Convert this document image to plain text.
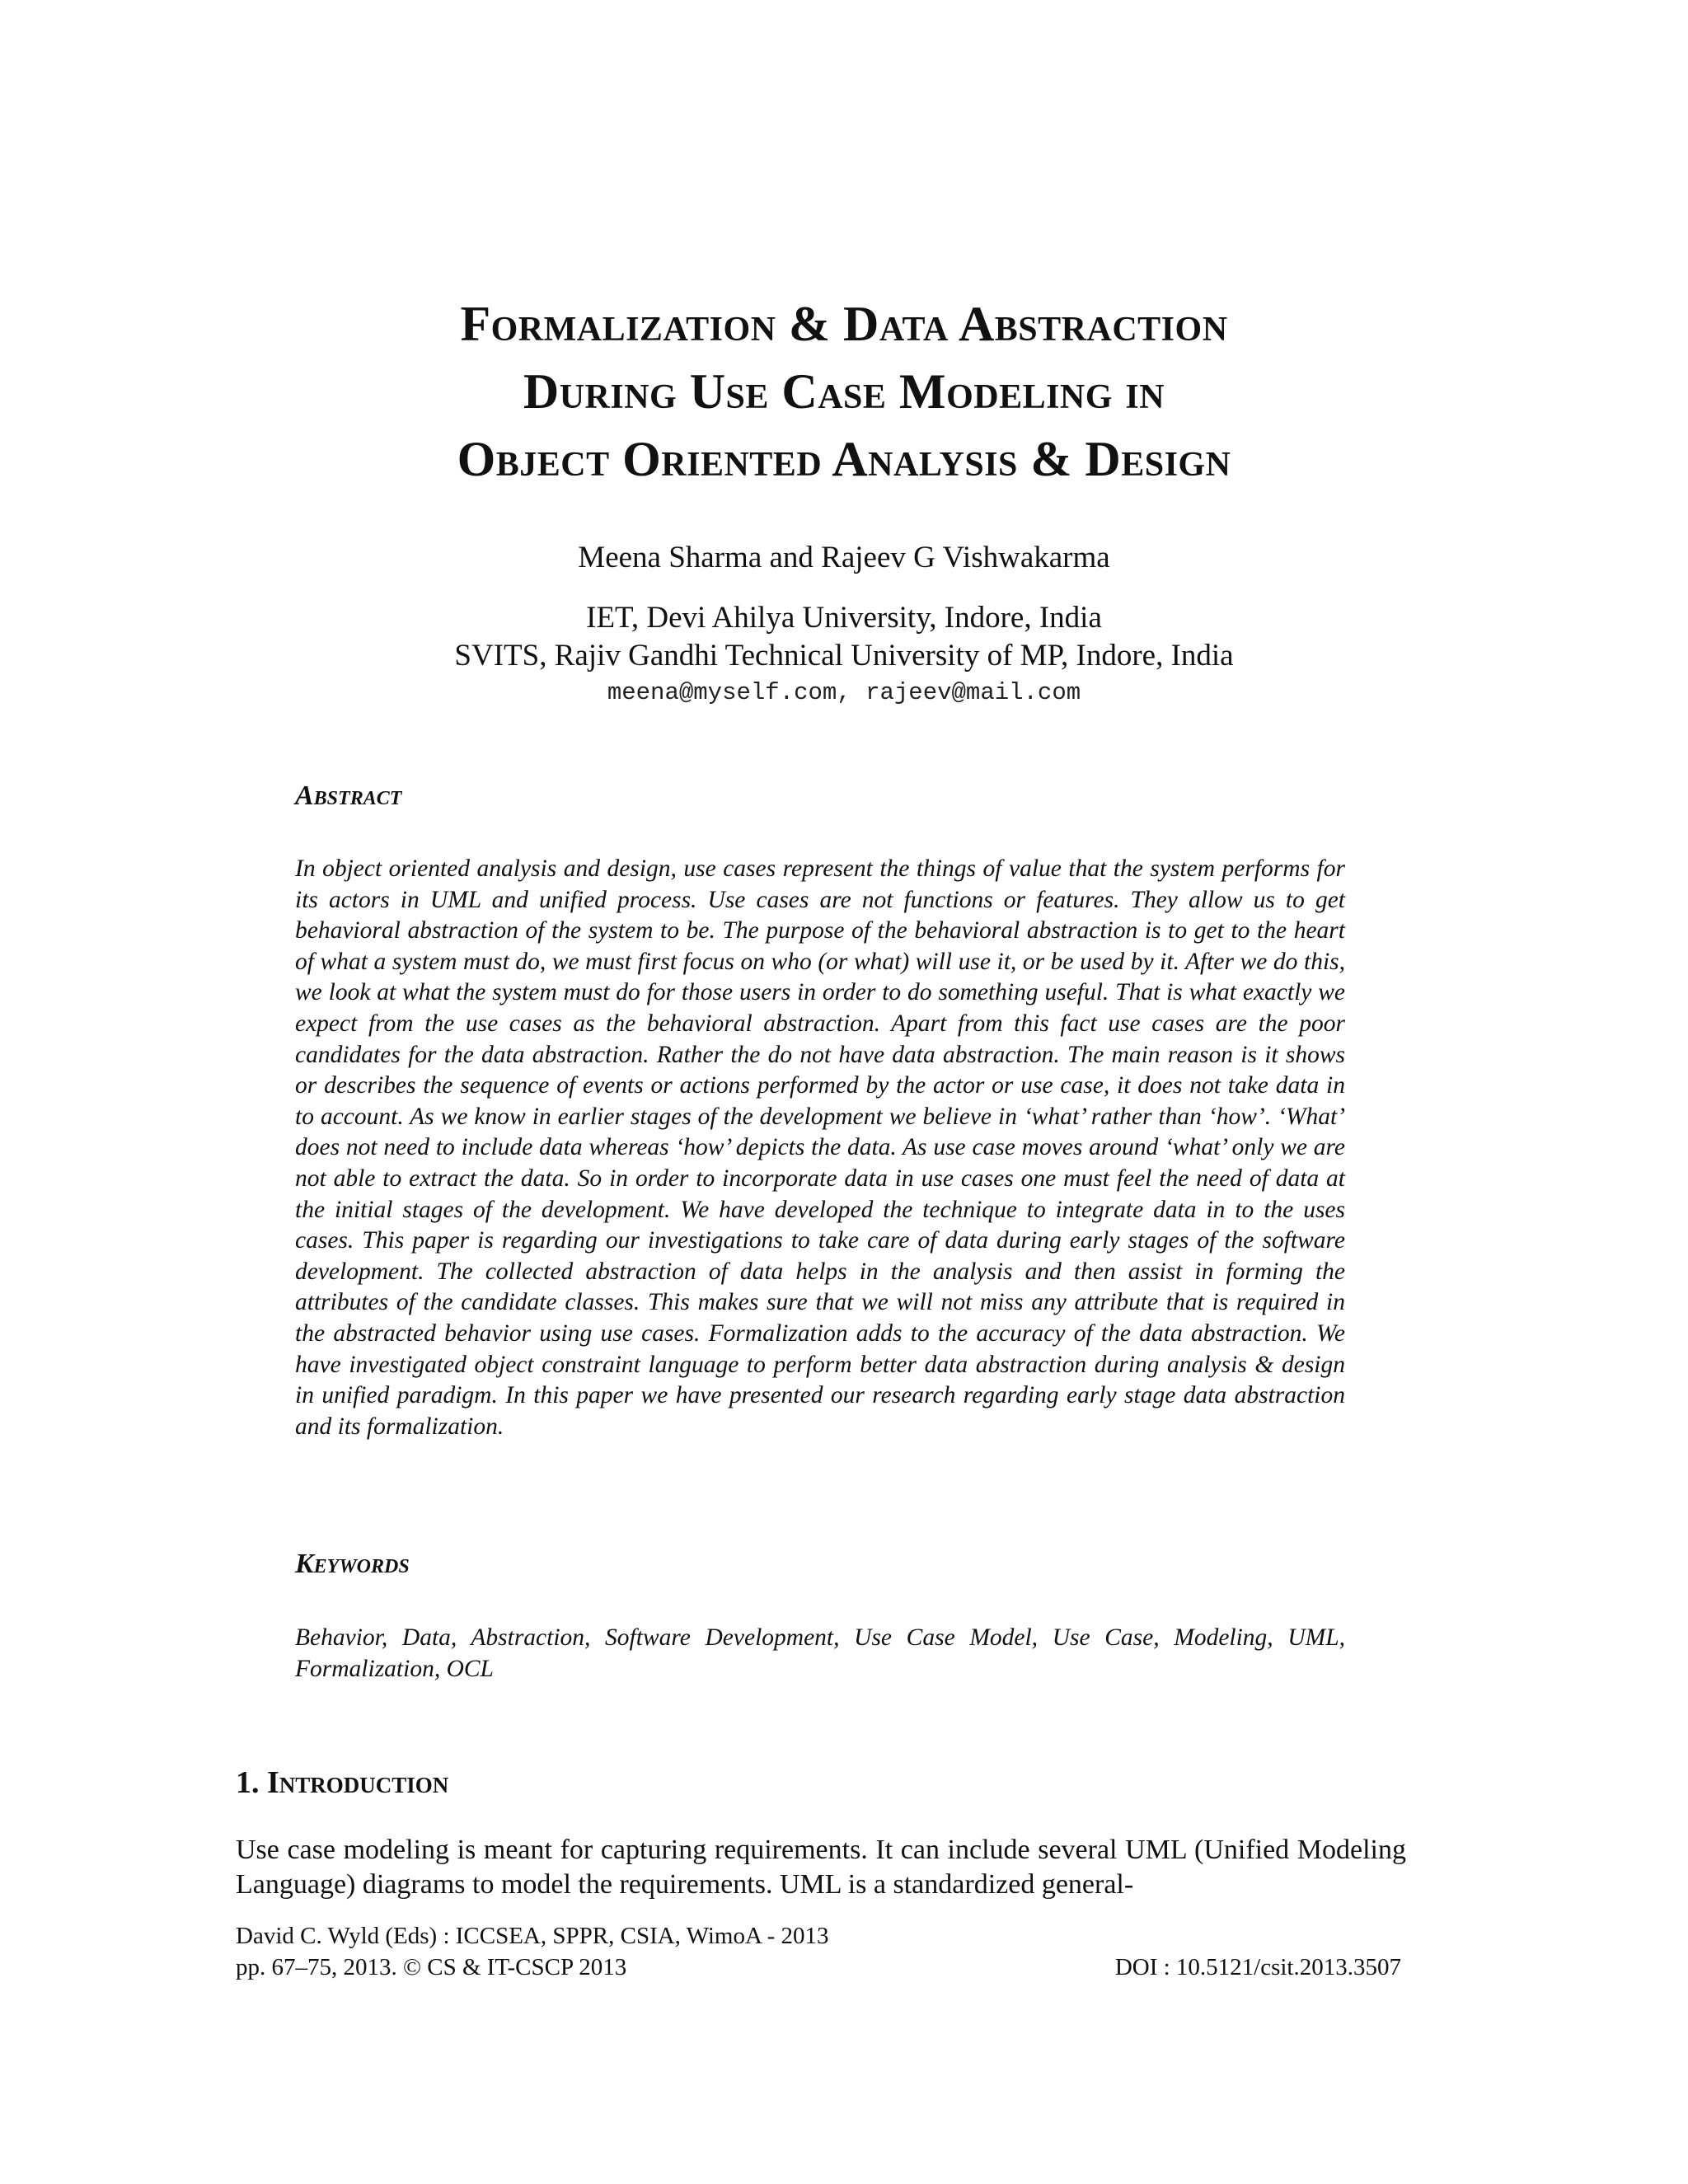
Formalization & Data Abstraction
During Use Case Modeling in
Object Oriented Analysis & Design
Meena Sharma and Rajeev G Vishwakarma
IET, Devi Ahilya University, Indore, India
SVITS, Rajiv Gandhi Technical University of MP, Indore, India
meena@myself.com, rajeev@mail.com
Abstract
In object oriented analysis and design, use cases represent the things of value that the system performs for its actors in UML and unified process. Use cases are not functions or features. They allow us to get behavioral abstraction of the system to be. The purpose of the behavioral abstraction is to get to the heart of what a system must do, we must first focus on who (or what) will use it, or be used by it. After we do this, we look at what the system must do for those users in order to do something useful. That is what exactly we expect from the use cases as the behavioral abstraction. Apart from this fact use cases are the poor candidates for the data abstraction. Rather the do not have data abstraction. The main reason is it shows or describes the sequence of events or actions performed by the actor or use case, it does not take data in to account. As we know in earlier stages of the development we believe in ‘what’ rather than ‘how’. ‘What’ does not need to include data whereas ‘how’ depicts the data. As use case moves around ‘what’ only we are not able to extract the data. So in order to incorporate data in use cases one must feel the need of data at the initial stages of the development. We have developed the technique to integrate data in to the uses cases. This paper is regarding our investigations to take care of data during early stages of the software development. The collected abstraction of data helps in the analysis and then assist in forming the attributes of the candidate classes. This makes sure that we will not miss any attribute that is required in the abstracted behavior using use cases. Formalization adds to the accuracy of the data abstraction. We have investigated object constraint language to perform better data abstraction during analysis & design in unified paradigm. In this paper we have presented our research regarding early stage data abstraction and its formalization.
Keywords
Behavior, Data, Abstraction, Software Development, Use Case Model, Use Case, Modeling, UML, Formalization, OCL
1. Introduction
Use case modeling is meant for capturing requirements. It can include several UML (Unified Modeling Language) diagrams to model the requirements. UML is a standardized general-
David C. Wyld (Eds) : ICCSEA, SPPR, CSIA, WimoA - 2013
pp. 67–75, 2013. © CS & IT-CSCP 2013	DOI : 10.5121/csit.2013.3507
